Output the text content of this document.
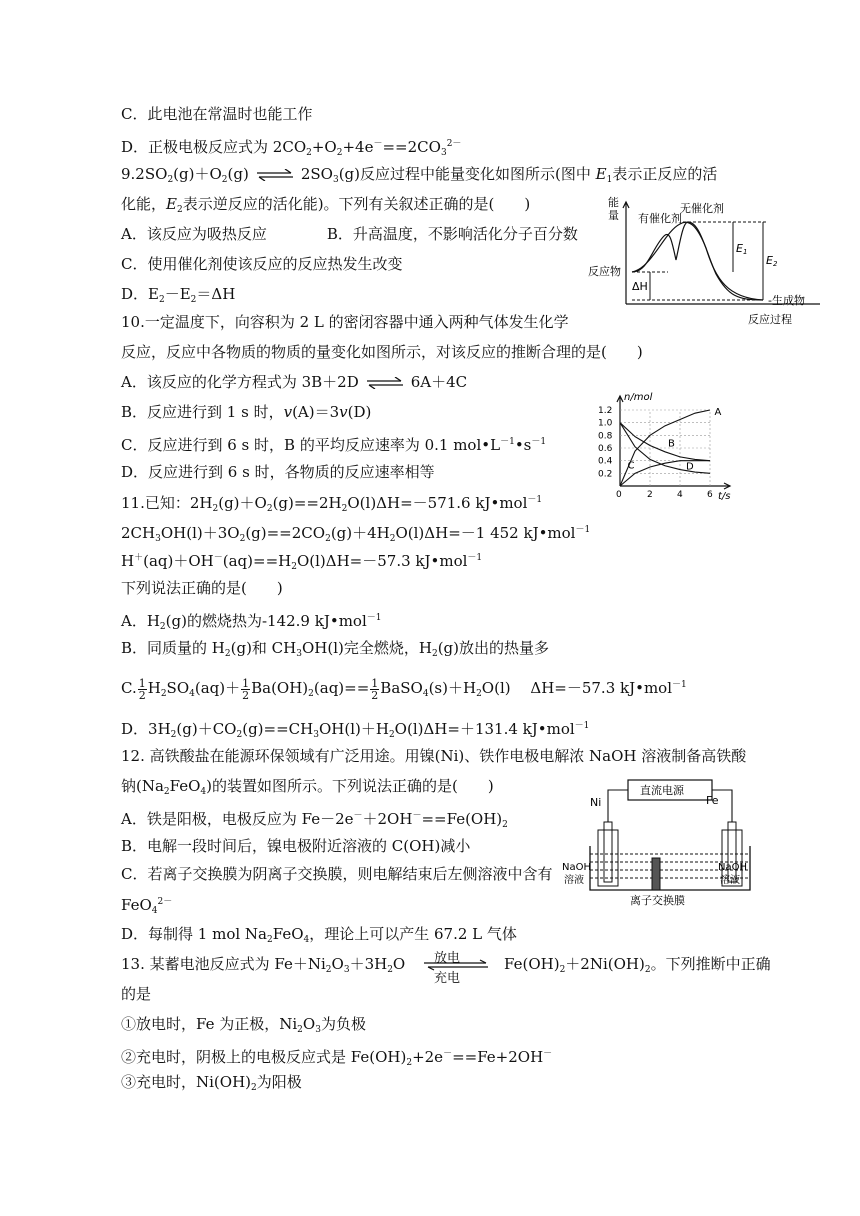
C．此电池在常温时也能工作
D．正极电极反应式为 $2CO_2+O_2+4e^-==2CO_3^{2-}$
$9.2SO_2(g)+O_2(g)$ ⇌ $2SO_3(g)$反应过程中能量变化如图所示(图中 $E_1$表示正反应的活
化能，$E_2$表示逆反应的活化能)。下列有关叙述正确的是(　　)
A．该反应为吸热反应	B．升高温度，不影响活化分子百分数
C．使用催化剂使该反应的反应热发生改变
D．$E_2-E_2=\Delta H$
能
量 有催化剂
无催化剂
E1
E2
反应物
ΔH
-生成物
反应过程
10.一定温度下，向容积为 2 L 的密闭容器中通入两种气体发生化学
反应，反应中各物质的物质的量变化如图所示，对该反应的推断合理的是(　　)
A．该反应的化学方程式为 3B＋2D ⇌ 6A＋4C
B．反应进行到 1 s 时，v(A)＝3v(D)
C．反应进行到 6 s 时，B 的平均反应速率为 0.1 $mol•L^{-1}•s^{-1}$
D．反应进行到 6 s 时，各物质的反应速率相等
n/mol
t/s
1.2
1.0
0.8
0.6
0.4
0.2
0	2	4	6
A
B
C	D
11.已知：$2H_2(g)+O_2(g)==2H_2O(l)\Delta H=-571.6$ kJ•mol$^{-1}$
$2CH_3OH(l)+3O_2(g)==2CO_2(g)+4H_2O(l)\Delta H=-1$ 452 kJ•mol$^{-1}$
$H^+(aq)+OH^-(aq)==H_2O(l)\Delta H=-57.3$ kJ•mol$^{-1}$
下列说法正确的是(　　)
A．$H_2(g)$的燃烧热为-142.9 kJ•mol$^{-1}$
B．同质量的 $H_2(g)$和 $CH_3OH(l)$完全燃烧，$H_2(g)$放出的热量多
C. $\frac{1}{2} H_2SO_4(aq)+ \frac{1}{2} Ba(OH)_2(aq)== \frac{1}{2}$ $BaSO_4(s)+H_2O(l)$　 ΔH=－57.3 kJ•mol$^{-1}$
D．$3H_2(g)+CO_2(g)==CH_3OH(l)+H_2O(l)\Delta H=+131.4$ kJ•mol$^{-1}$
12. 高铁酸盐在能源环保领域有广泛用途。用镍(Ni)、铁作电极电解浓 NaOH 溶液制备高铁酸
钠$(Na_2FeO_4)$的装置如图所示。下列说法正确的是(　　)
A．铁是阳极，电极反应为 $Fe-2e^-+2OH^-==Fe(OH)_2$
B．电解一段时间后，镍电极附近溶液的 C(OH)减小
C．若离子交换膜为阴离子交换膜，则电解结束后左侧溶液中含有
FeO$_4^{2-}$
D．每制得 1 mol $Na_2FeO_4$，理论上可以产生 67.2 L 气体
直流电源
Ni	Fe
NaOH
溶液
NaOH
溶液
离子交换膜
13. 某蓄电池反应式为 $Fe+Ni_2O_3+3H_2O$ 放电
充电
$Fe(OH)_2+2Ni(OH)_2$。下列推断中正确
的是
①放电时，Fe 为正极，$Ni_2O_3$为负极
②充电时，阴极上的电极反应式是 $Fe(OH)_2+2e^-==Fe+2OH^-$
③充电时，$Ni(OH)_2$为阳极
